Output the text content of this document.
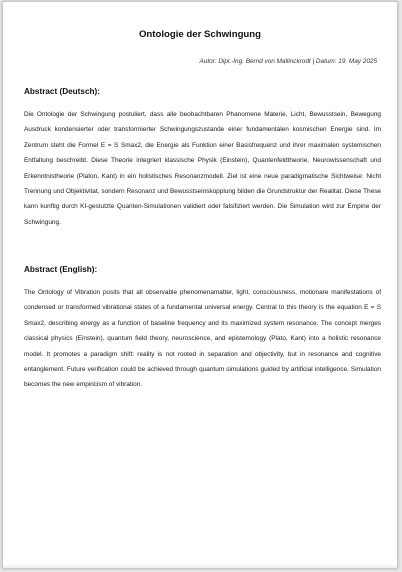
Ontologie der Schwingung
Autor: Dipl.-Ing. Bernd von Mallinckrodt | Datum: 19. May 2025
Abstract (Deutsch):
Die Ontologie der Schwingung postuliert, dass alle beobachtbaren Phanomene Materie, Licht, Bewusstsein, Bewegung Ausdruck kondensierter oder transformierter Schwingungszustande einer fundamentalen kosmischen Energie sind. Im Zentrum steht die Formel E = S Smax2, die Energie als Funktion einer Basisfrequenz und ihrer maximalen systemischen Entfaltung beschreibt. Diese Theorie integriert klassische Physik (Einstein), Quantenfeldtheorie, Neurowissenschaft und Erkenntnistheorie (Platon, Kant) in ein holistisches Resonanzmodell. Ziel ist eine neue paradigmatische Sichtweise: Nicht Trennung und Objektivitat, sondern Resonanz und Bewusstseinskopplung bilden die Grundstruktur der Realitat. Diese These kann kunftig durch KI-gestutzte Quanten-Simulationen validiert oder falsifiziert werden. Die Simulation wird zur Empirie der Schwingung.
Abstract (English):
The Ontology of Vibration posits that all observable phenomenamatter, light, consciousness, motionare manifestations of condensed or transformed vibrational states of a fundamental universal energy. Central to this theory is the equation E = S Smax2, describing energy as a function of baseline frequency and its maximized system resonance. The concept merges classical physics (Einstein), quantum field theory, neuroscience, and epistemology (Plato, Kant) into a holistic resonance model. It promotes a paradigm shift: reality is not rooted in separation and objectivity, but in resonance and cognitive entanglement. Future verification could be achieved through quantum simulations guided by artificial intelligence. Simulation becomes the new empiricism of vibration.
